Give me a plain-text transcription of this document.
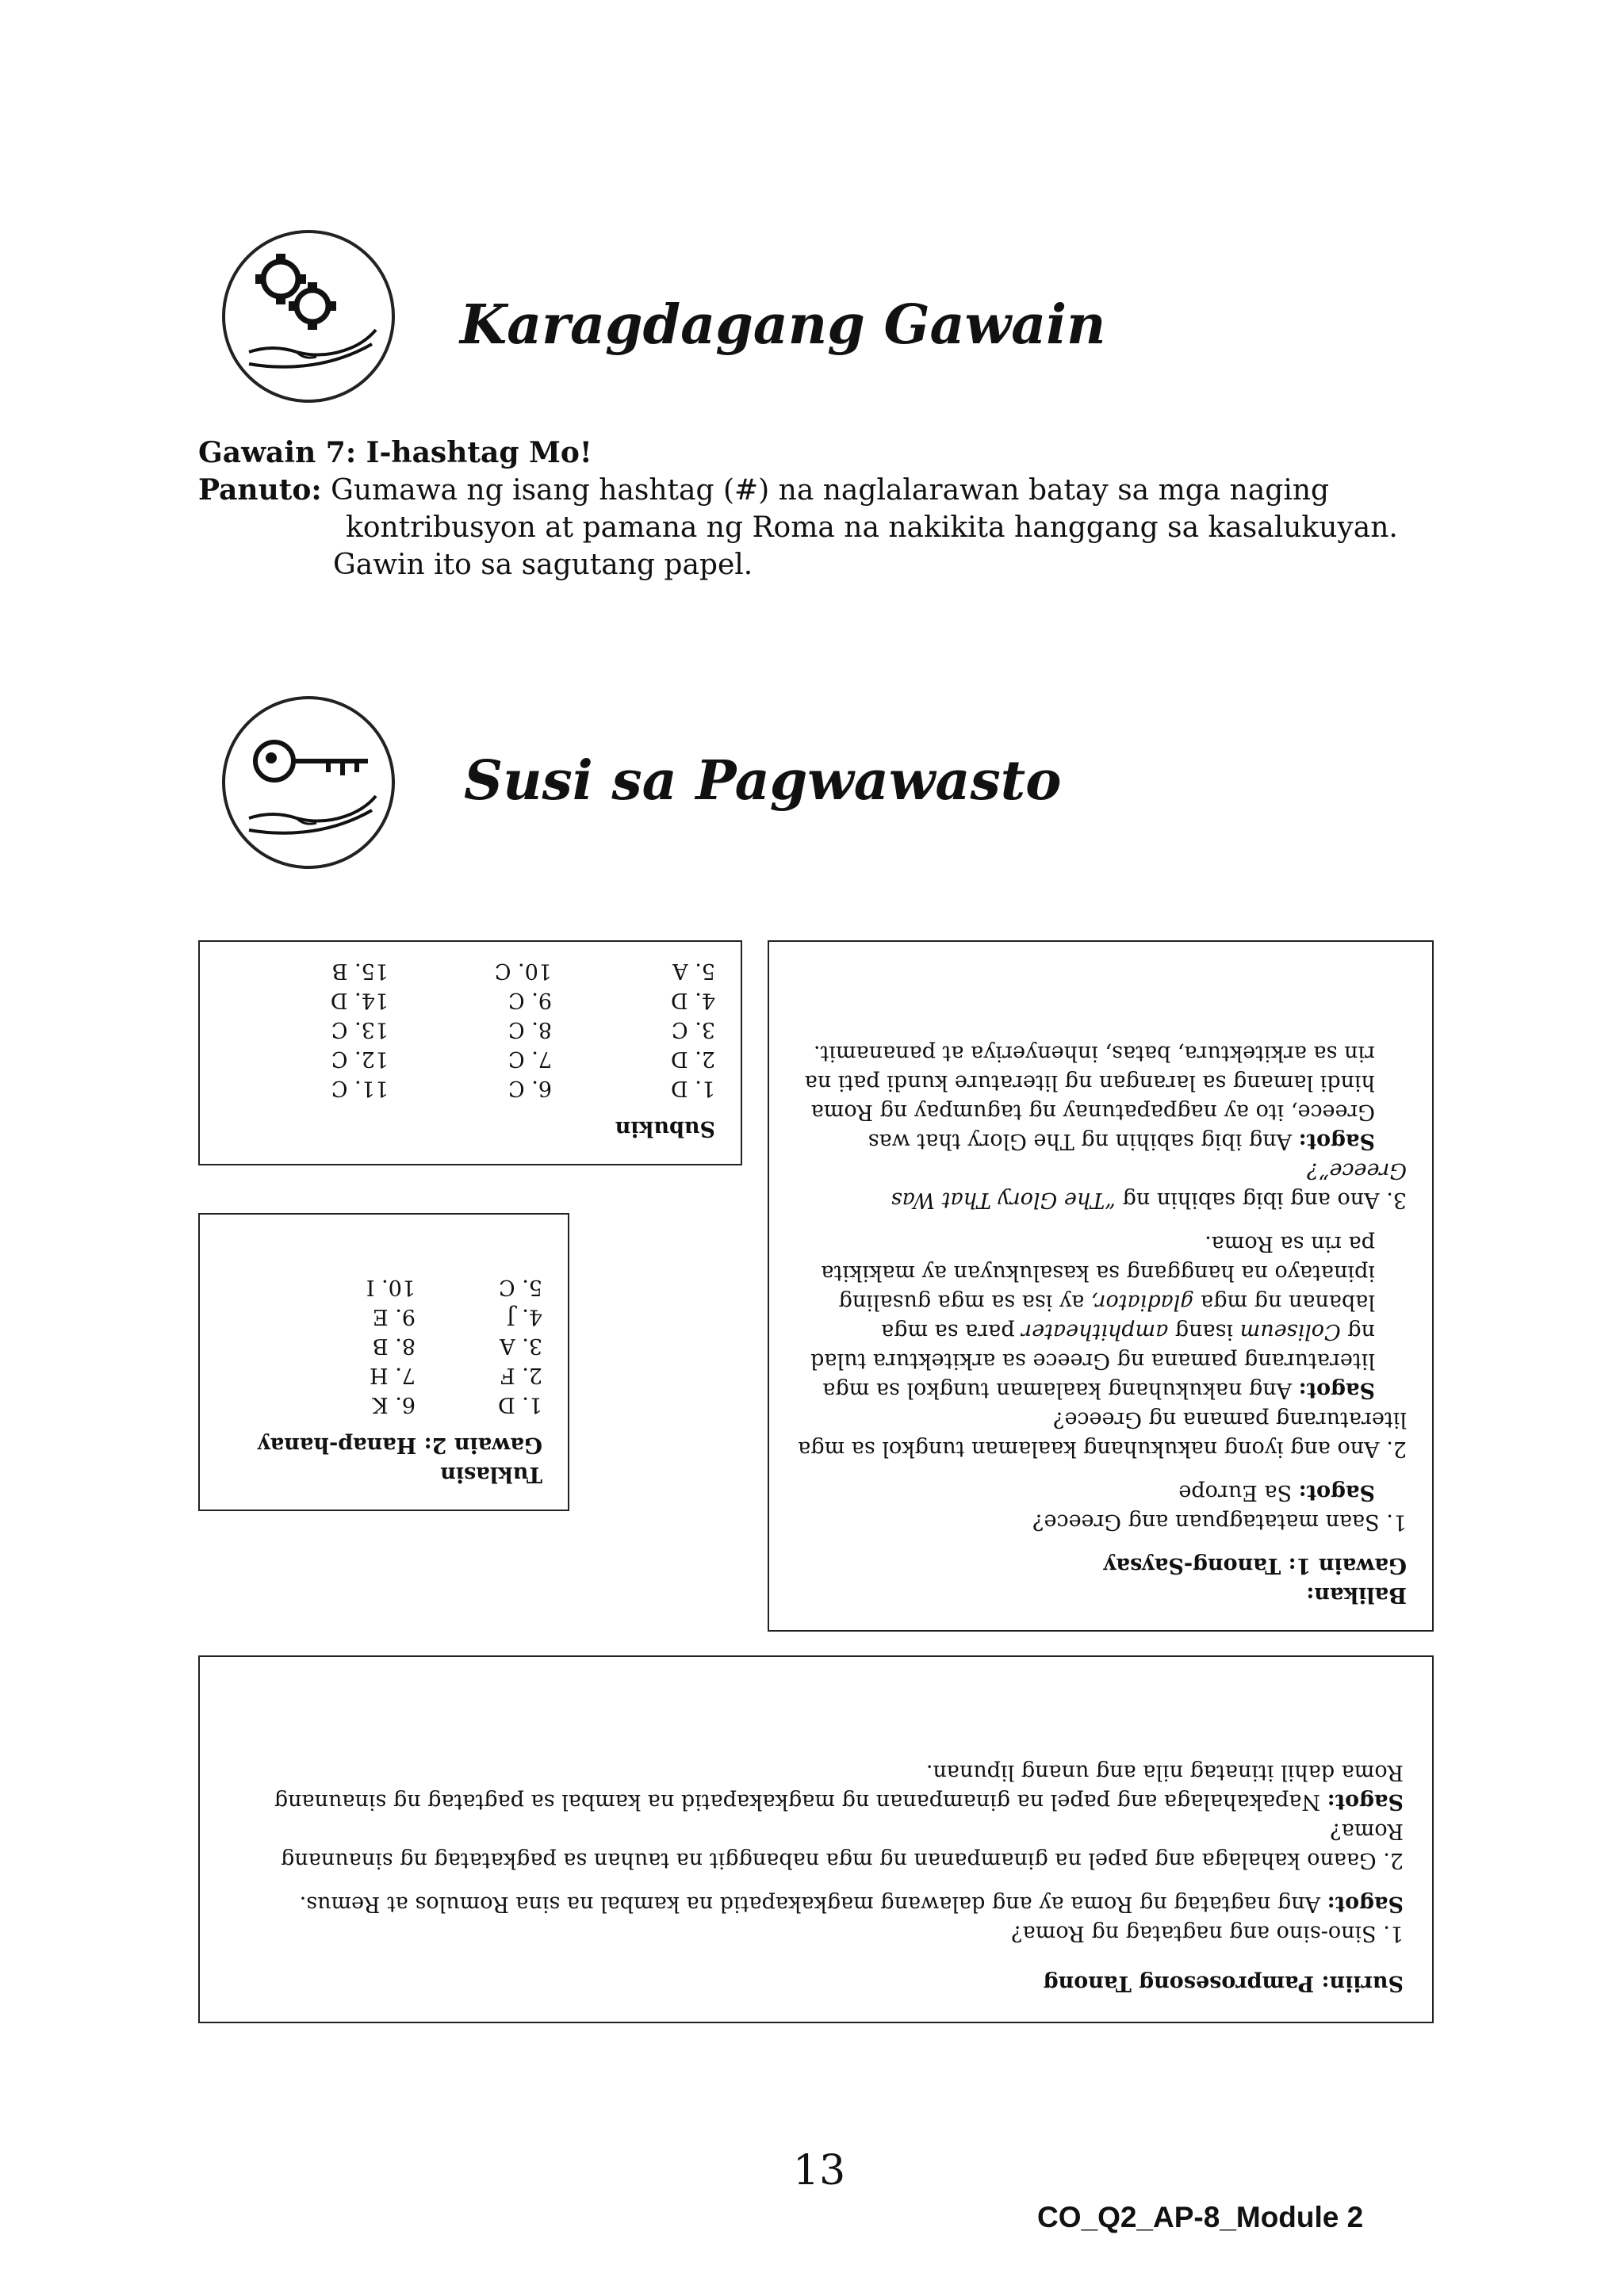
Karagdagang Gawain
Gawain 7: I-hashtag Mo!
Panuto: Gumawa ng isang hashtag (#) na naglalarawan batay sa mga naging
kontribusyon at pamana ng Roma na nakikita hanggang sa kasalukuyan.
Gawin ito sa sagutang papel.
Susi sa Pagwawasto
Subukin
1. D
2. D
3. C
4. D
5. A
6. C
7. C
8. C
9. C
10. C
11. C
12. C
13. C
14. D
15. B
Tuklasin
Gawain 2: Hanap-hanay
1. D
2. F
3. A
4. J
5. C
6. K
7. H
8. B
9. E
10. I
Balikan:
Gawain 1: Tanong-Saysay
1. Saan matatagpuan ang Greece?
Sagot: Sa Europe
2. Ano ang iyong nakukuhang kaalaman tungkol sa mga literaturang pamana ng Greece?
Sagot: Ang nakukuhang kaalaman tungkol sa mga literaturang pamana ng Greece sa arkitektura tulad ng Coliseum isang amphitheater para sa mga labanan ng mga gladiator, ay isa sa mga gusaling ipinatayo na hanggang sa kasalukuyan ay makikita pa rin sa Roma.
3. Ano ang ibig sabihin ng “The Glory That Was Greece”?
Sagot: Ang ibig sabihin ng The Glory that was Greece, ito ay nagpapatunay ng tagumpay ng Roma hindi lamang sa larangan ng literature kundi pati na rin sa arkitektura, batas, inhenyeriya at pananamit.
Suriin: Pamprosesong Tanong
1. Sino-sino ang nagtatag ng Roma?
Sagot: Ang nagtatag ng Roma ay ang dalawang magkakapatid na kambal na sina Romulos at Remus.
2. Gaano kahalaga ang papel na ginampanan ng mga nabanggit na tauhan sa pagkatatag ng sinaunang Roma?
Sagot: Napakahalaga ang papel na ginampanan ng magkakapatid na kambal sa pagtatag ng sinaunang Roma dahil itinatag nila ang unang lipunan.
13
CO_Q2_AP-8_Module 2
